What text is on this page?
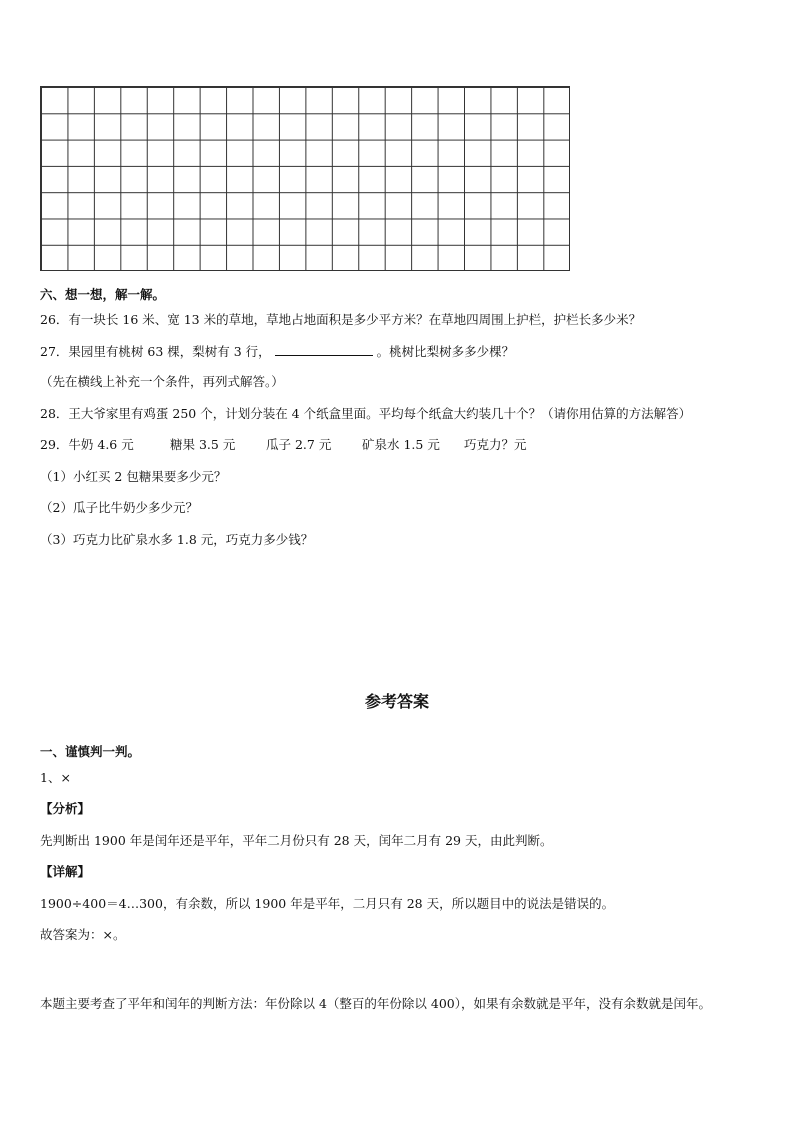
六、想一想，解一解。
26．有一块长 16 米、宽 13 米的草地，草地占地面积是多少平方米？在草地四周围上护栏，护栏长多少米？
27．果园里有桃树 63 棵，梨树有 3 行，	。桃树比梨树多多少棵？
（先在横线上补充一个条件，再列式解答。）
28．王大爷家里有鸡蛋 250 个，计划分装在 4 个纸盒里面。平均每个纸盒大约装几十个？（请你用估算的方法解答）
29．牛奶 4.6 元	糖果 3.5 元 瓜子 2.7 元 矿泉水 1.5 元 巧克力？元
（1）小红买 2 包糖果要多少元？
（2）瓜子比牛奶少多少元？
（3）巧克力比矿泉水多 1.8 元，巧克力多少钱？
参考答案
一、谨慎判一判。
1、×
【分析】
先判断出 1900 年是闰年还是平年，平年二月份只有 28 天，闰年二月有 29 天，由此判断。
【详解】
1900÷400＝4…300，有余数，所以 1900 年是平年，二月只有 28 天，所以题目中的说法是错误的。
故答案为：×。
本题主要考查了平年和闰年的判断方法：年份除以 4（整百的年份除以 400），如果有余数就是平年，没有余数就是闰年。
